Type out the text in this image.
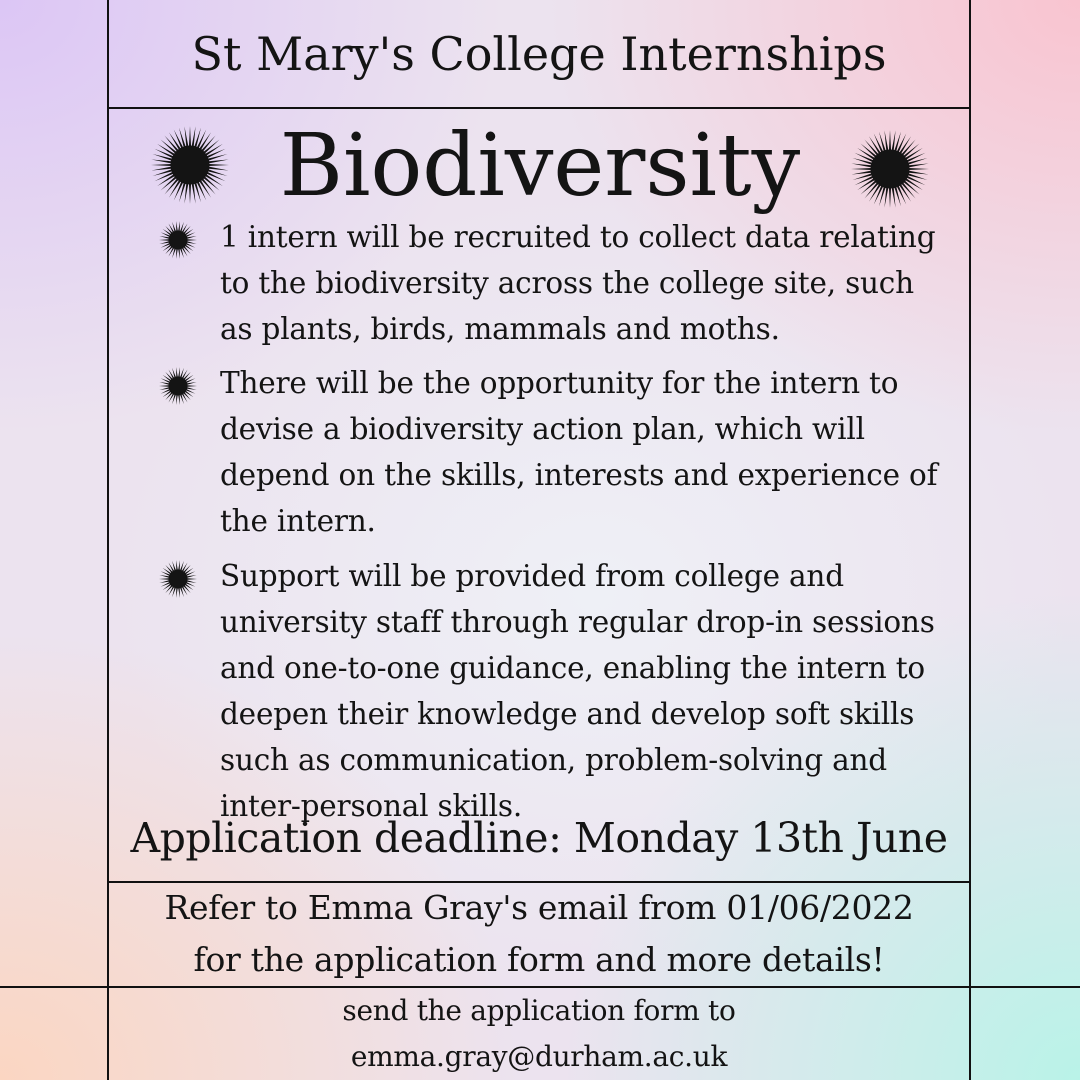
St Mary's College Internships
Biodiversity
1 intern will be recruited to collect data relating to the biodiversity across the college site, such as plants, birds, mammals and moths.
There will be the opportunity for the intern to devise a biodiversity action plan, which will depend on the skills, interests and experience of the intern.
Support will be provided from college and university staff through regular drop-in sessions and one-to-one guidance, enabling the intern to deepen their knowledge and develop soft skills such as communication, problem-solving and inter-personal skills.

Application deadline: Monday 13th June

Refer to Emma Gray's email from 01/06/2022
for the application form and more details!
send the application form to
emma.gray@durham.ac.uk
